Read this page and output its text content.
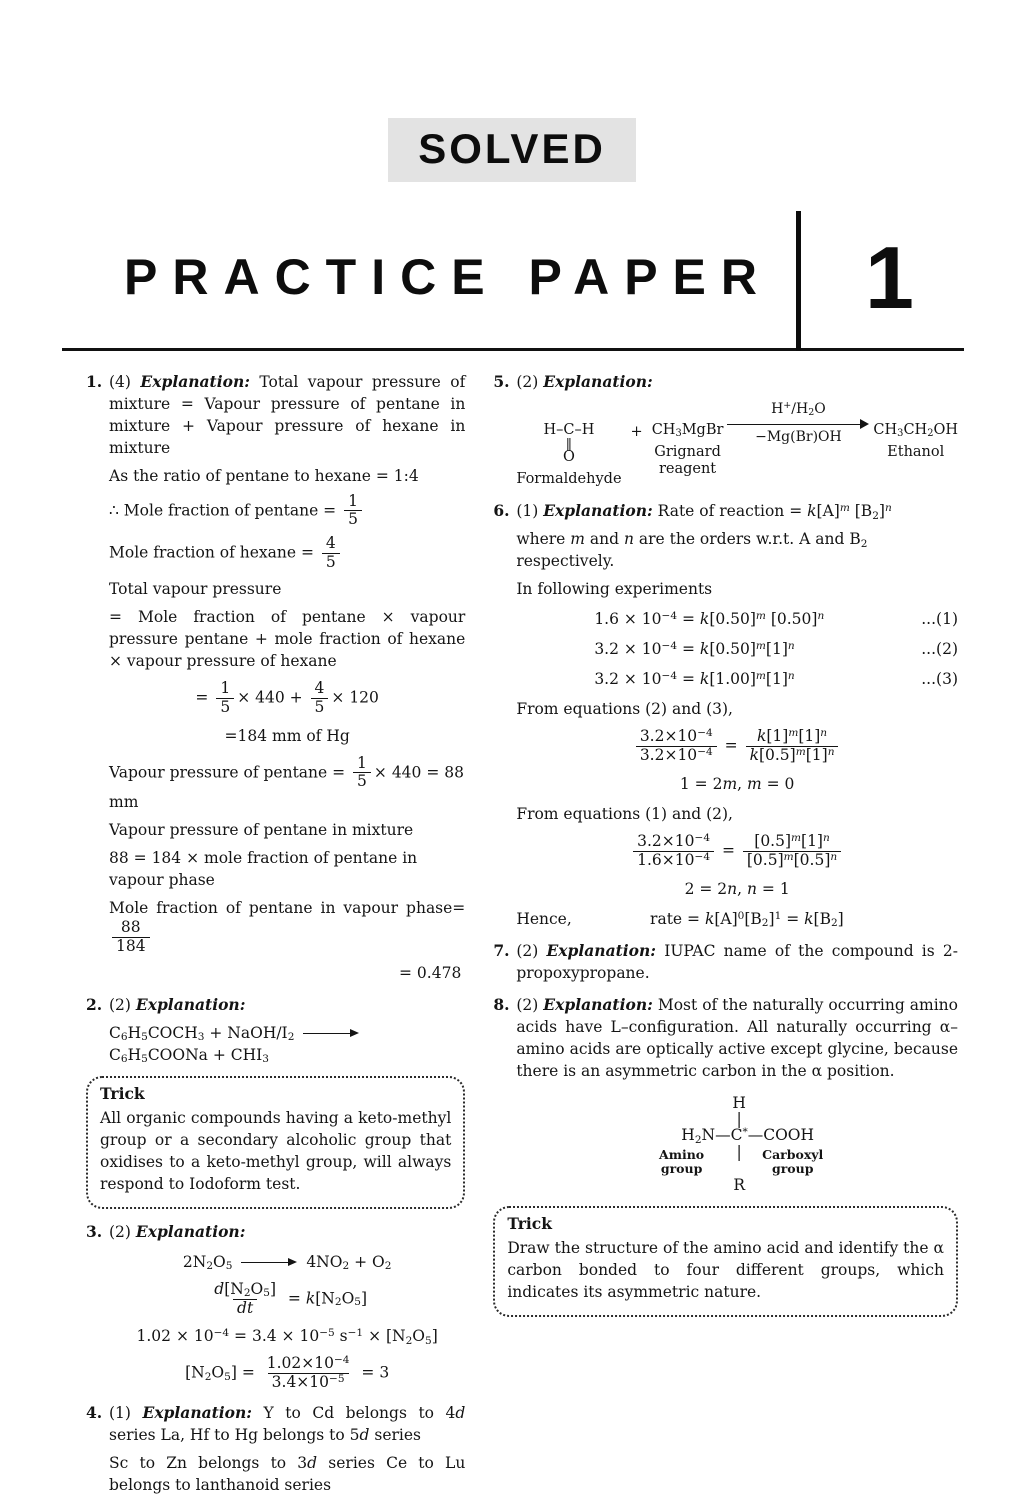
SOLVED
PRACTICE PAPER	1
1. (4) Explanation: Total vapour pressure of mixture = Vapour pressure of pentane in mixture + Vapour pressure of hexane in mixture
As the ratio of pentane to hexane = 1:4
∴ Mole fraction of $pentane = \frac{1}{5}$
Mole fraction of hexane = $\frac{4}{5}$
Total vapour pressure
= Mole fraction of pentane × vapour pressure pentane + mole fraction of hexane × vapour pressure of hexane
= $\frac{1}{5} \times 440 + \frac{4}{5} \times 120$
=184 mm of Hg
Vapour pressure of $pentane = \frac{1}{5} \times 440 = 88$ mm
Vapour pressure of pentane in mixture
88 = 184 × mole fraction of pentane in vapour phase
Mole fraction of pentane in vapour phase=
$\frac{88}{184}$
= 0.478
2. (2) Explanation:
C6H5COCH3 + NaOH/I2  C6H5COONa + CHI3
Trick
All organic compounds having a keto-methyl group or a secondary alcoholic group that oxidises to a keto-methyl group, will always respond to Iodoform test.
3. (2) Explanation:
2N2O5	4NO2 + O2
$\frac{d[N2O5]}{dt} = k[N2O5]$
$1.02 \times 10^{-4} = 3.4 \times 10^{-5}$ $s^{-1} \times [N2O5]$
$[N2O5] = \frac{1.02\times 10^{-4}}{3.4\times 10^{-5}} = 3$
4. (1) Explanation: Y to Cd belongs to 4d series La, Hf to Hg belongs to 5d series
Sc to Zn belongs to 3d series Ce to Lu belongs to lanthanoid series
5. (2) Explanation:
H–C–H
‖
O
Formaldehyde
+ CH3MgBr
Grignard reagent
H+/H2O
−Mg(Br)OH	CH3CH2OH
Ethanol
6. (1) Explanation: Rate of reaction = $k[A]^m$ $[B2]^n$
where m and n are the orders w.r.t. A and B2 respectively.
In following experiments
$1.6 \times 10^{-4} = k[0.50]^m$ $[0.50]^n$	...(1)
$3.2 \times 10^{-4} = k[0.50]^m[1]^n$	...(2)
$3.2 \times 10^{-4} = k[1.00]^m[1]^n$	...(3)
From equations (2) and (3),
$\frac{3.2\times 10^{-4}}{3.2\times 10^{-4}} = \frac{k[1]^m[1]^n}{k[0.5]^m[1]^n}$
1 = 2m, m = 0
From equations (1) and (2),
$\frac{3.2\times 10^{-4}}{1.6\times 10^{-4}} = \frac{[0.5]^m[1]^n}{[0.5]^m[0.5]^n}$
2 = 2n, n = 1
Hence,	rate = $k[A]^0[B2]^1 = k[B2]$
7. (2) Explanation: IUPAC name of the compound is 2-propoxypropane.
8. (2) Explanation: Most of the naturally occurring amino acids have L–configuration. All naturally occurring α–amino acids are optically active except glycine, because there is an asymmetric carbon in the α position.
H
|
H2N— C* —COOH
Amino group
|	Carboxyl group
R
Trick
Draw the structure of the amino acid and identify the α carbon bonded to four different groups, which indicates its asymmetric nature.
